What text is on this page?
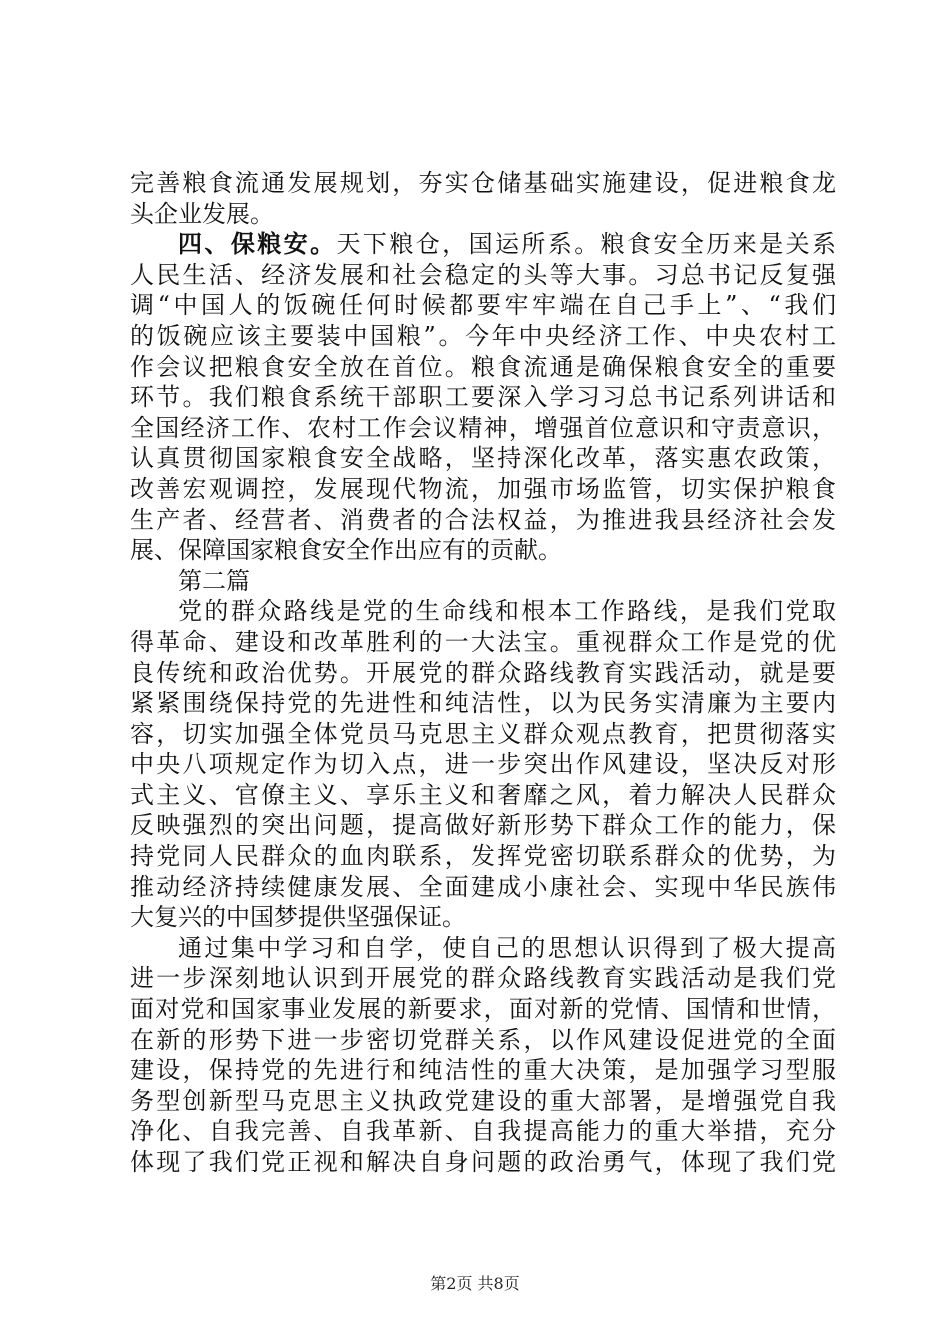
完善粮食流通发展规划，夯实仓储基础实施建设，促进粮食龙
头企业发展。
四、保粮安。天下粮仓，国运所系。粮食安全历来是关系
人民生活、经济发展和社会稳定的头等大事。习总书记反复强
调“中国人的饭碗任何时候都要牢牢端在自己手上”、“我们
的饭碗应该主要装中国粮”。今年中央经济工作、中央农村工
作会议把粮食安全放在首位。粮食流通是确保粮食安全的重要
环节。我们粮食系统干部职工要深入学习习总书记系列讲话和
全国经济工作、农村工作会议精神，增强首位意识和守责意识，
认真贯彻国家粮食安全战略，坚持深化改革，落实惠农政策，
改善宏观调控，发展现代物流，加强市场监管，切实保护粮食
生产者、经营者、消费者的合法权益，为推进我县经济社会发
展、保障国家粮食安全作出应有的贡献。
第二篇
党的群众路线是党的生命线和根本工作路线，是我们党取
得革命、建设和改革胜利的一大法宝。重视群众工作是党的优
良传统和政治优势。开展党的群众路线教育实践活动，就是要
紧紧围绕保持党的先进性和纯洁性，以为民务实清廉为主要内
容，切实加强全体党员马克思主义群众观点教育，把贯彻落实
中央八项规定作为切入点，进一步突出作风建设，坚决反对形
式主义、官僚主义、享乐主义和奢靡之风，着力解决人民群众
反映强烈的突出问题，提高做好新形势下群众工作的能力，保
持党同人民群众的血肉联系，发挥党密切联系群众的优势，为
推动经济持续健康发展、全面建成小康社会、实现中华民族伟
大复兴的中国梦提供坚强保证。
通过集中学习和自学，使自己的思想认识得到了极大提高
进一步深刻地认识到开展党的群众路线教育实践活动是我们党
面对党和国家事业发展的新要求，面对新的党情、国情和世情，
在新的形势下进一步密切党群关系，以作风建设促进党的全面
建设，保持党的先进行和纯洁性的重大决策，是加强学习型服
务型创新型马克思主义执政党建设的重大部署，是增强党自我
净化、自我完善、自我革新、自我提高能力的重大举措，充分
体现了我们党正视和解决自身问题的政治勇气，体现了我们党
第2页 共8页
